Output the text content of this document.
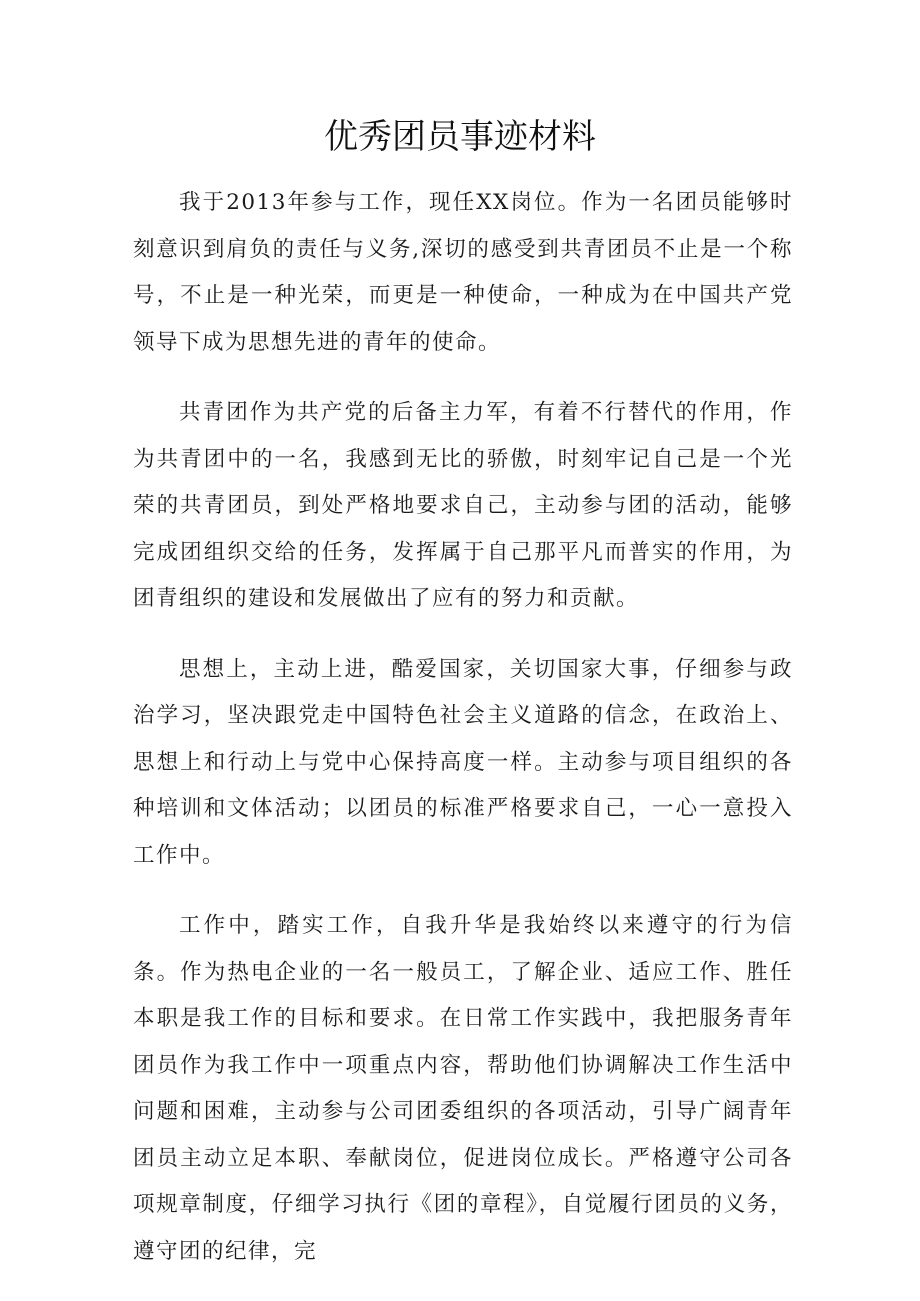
优秀团员事迹材料

我于2013年参与工作，现任XX岗位。作为一名团员能够时刻意识到肩负的责任与义务,深切的感受到共青团员不止是一个称号，不止是一种光荣，而更是一种使命，一种成为在中国共产党领导下成为思想先进的青年的使命。

共青团作为共产党的后备主力军，有着不行替代的作用，作为共青团中的一名，我感到无比的骄傲，时刻牢记自己是一个光荣的共青团员，到处严格地要求自己，主动参与团的活动，能够完成团组织交给的任务，发挥属于自己那平凡而普实的作用，为团青组织的建设和发展做出了应有的努力和贡献。

思想上，主动上进，酷爱国家，关切国家大事，仔细参与政治学习，坚决跟党走中国特色社会主义道路的信念，在政治上、思想上和行动上与党中心保持高度一样。主动参与项目组织的各种培训和文体活动；以团员的标准严格要求自己，一心一意投入工作中。

工作中，踏实工作，自我升华是我始终以来遵守的行为信条。作为热电企业的一名一般员工，了解企业、适应工作、胜任本职是我工作的目标和要求。在日常工作实践中，我把服务青年团员作为我工作中一项重点内容，帮助他们协调解决工作生活中问题和困难，主动参与公司团委组织的各项活动，引导广阔青年团员主动立足本职、奉献岗位，促进岗位成长。严格遵守公司各项规章制度，仔细学习执行《团的章程》，自觉履行团员的义务，遵守团的纪律，完
